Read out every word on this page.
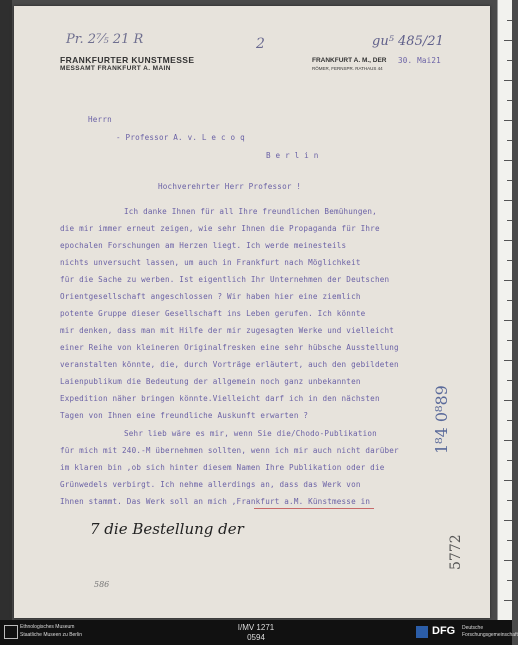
Pr. 2⁷⁄₅ 21 R	2	gu⁵ 485/21
FRANKFURTER KUNSTMESSE
MESSAMT FRANKFURT A. MAIN
FRANKFURT A. M., DER
RÖMER, FERNSPR. RATHAUS 44
30. Mai21
Herrn
- Professor A. v. L e c o q
B e r l i n
Hochverehrter Herr Professor !
Ich danke Ihnen für all Ihre freundlichen Bemühungen,
die mir immer erneut zeigen, wie sehr Ihnen die Propaganda für Ihre
epochalen Forschungen am Herzen liegt. Ich werde meinesteils
nichts unversucht lassen, um auch in Frankfurt nach Möglichkeit
für die Sache zu werben. Ist eigentlich Ihr Unternehmen der Deutschen
Orientgesellschaft angeschlossen ? Wir haben hier eine ziemlich
potente Gruppe dieser Gesellschaft ins Leben gerufen. Ich könnte
mir denken, dass man mit Hilfe der mir zugesagten Werke und vielleicht
einer Reihe von kleineren Originalfresken eine sehr hübsche Ausstellung
veranstalten könnte, die, durch Vorträge erläutert, auch den gebildeten
Laienpublikum die Bedeutung der allgemein noch ganz unbekannten
Expedition näher bringen könnte.Vielleicht darf ich in den nächsten
Tagen von Ihnen eine freundliche Auskunft erwarten ?
Sehr lieb wäre es mir, wenn Sie die/Chodo-Publikation
für mich mit 240.-M übernehmen sollten, wenn ich mir auch nicht darüber
im klaren bin ,ob sich hinter diesem Namen Ihre Publikation oder die
Grünwedels verbirgt. Ich nehme allerdings an, dass das Werk von
Ihnen stammt. Das Werk soll an mich ,Frankfurt a.M. Künstmesse in
7 die Bestellung der
586
1⁸4 0⁸89
5772
Ethnologisches Museum
Staatliche Museen zu Berlin
I/MV 1271
0594
DFG Deutsche
Forschungsgemeinschaft
